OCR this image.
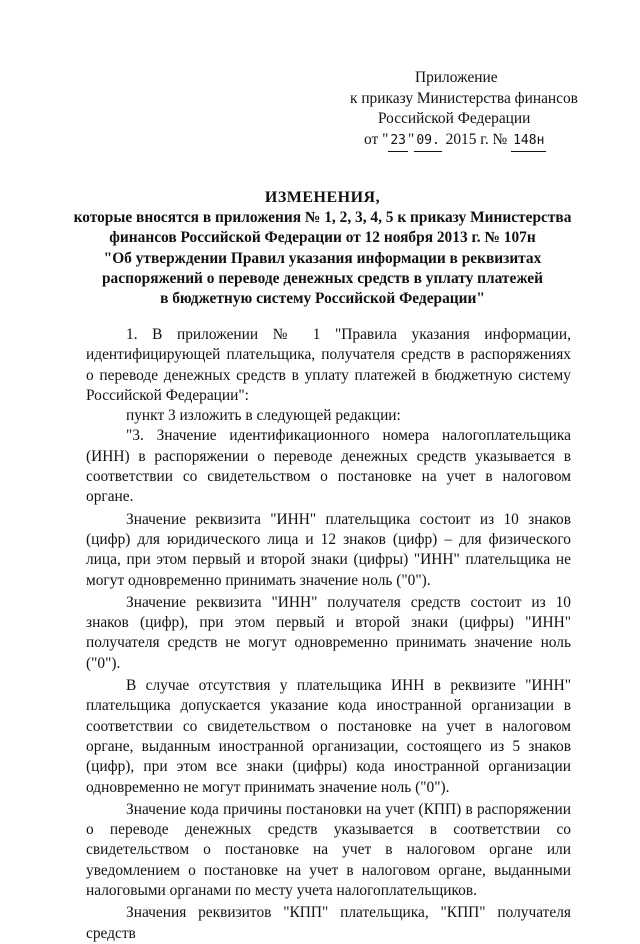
Приложение
к приказу Министерства финансов
Российской Федерации
от " 23 " 09. 2015 г. № 148н
ИЗМЕНЕНИЯ,
которые вносятся в приложения № 1, 2, 3, 4, 5 к приказу Министерства
финансов Российской Федерации от 12 ноября 2013 г. № 107н
"Об утверждении Правил указания информации в реквизитах
распоряжений о переводе денежных средств в уплату платежей
в бюджетную систему Российской Федерации"

1. В приложении № 1 "Правила указания информации, идентифицирующей плательщика, получателя средств в распоряжениях о переводе денежных средств в уплату платежей в бюджетную систему Российской Федерации":

пункт 3 изложить в следующей редакции:

"3. Значение идентификационного номера налогоплательщика (ИНН) в распоряжении о переводе денежных средств указывается в соответствии со свидетельством о постановке на учет в налоговом органе.

Значение реквизита "ИНН" плательщика состоит из 10 знаков (цифр) для юридического лица и 12 знаков (цифр) – для физического лица, при этом первый и второй знаки (цифры) "ИНН" плательщика не могут одновременно принимать значение ноль ("0").

Значение реквизита "ИНН" получателя средств состоит из 10 знаков (цифр), при этом первый и второй знаки (цифры) "ИНН" получателя средств не могут одновременно принимать значение ноль ("0").

В случае отсутствия у плательщика ИНН в реквизите "ИНН" плательщика допускается указание кода иностранной организации в соответствии со свидетельством о постановке на учет в налоговом органе, выданным иностранной организации, состоящего из 5 знаков (цифр), при этом все знаки (цифры) кода иностранной организации одновременно не могут принимать значение ноль ("0").

Значение кода причины постановки на учет (КПП) в распоряжении о переводе денежных средств указывается в соответствии со свидетельством о постановке на учет в налоговом органе или уведомлением о постановке на учет в налоговом органе, выданными налоговыми органами по месту учета налогоплательщиков.

Значения реквизитов "КПП" плательщика, "КПП" получателя средств
